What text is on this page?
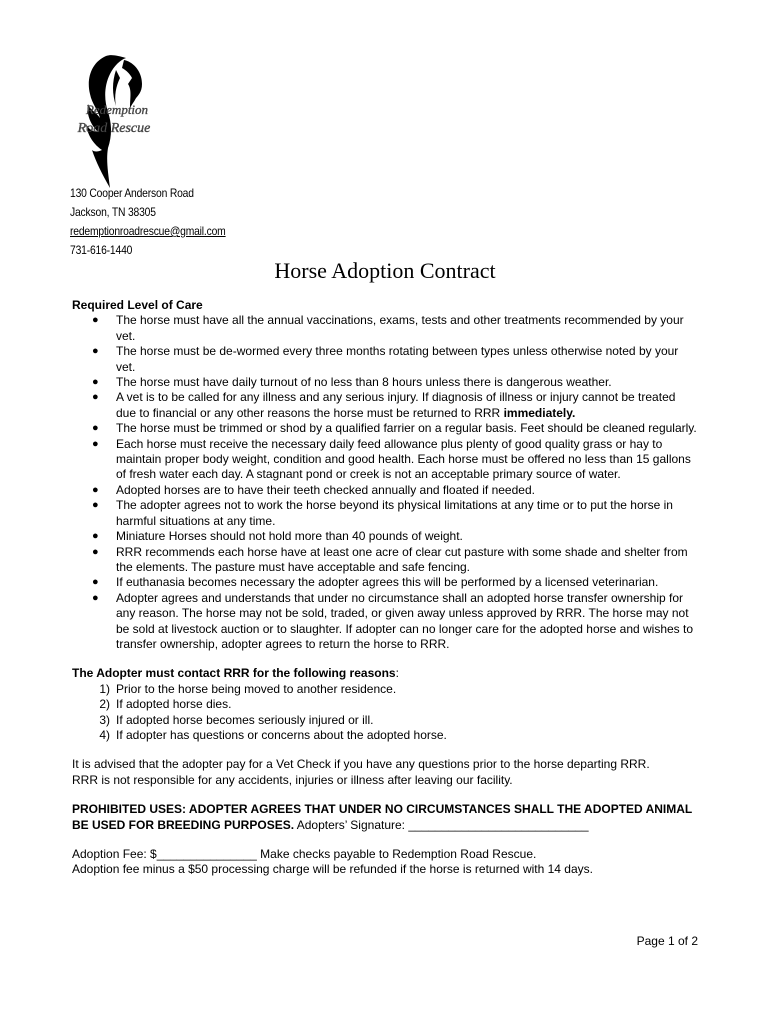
Redemption
Road Rescue
130 Cooper Anderson Road
Jackson, TN 38305
redemptionroadrescue@gmail.com
731-616-1440
Horse Adoption Contract
Required Level of Care
● The horse must have all the annual vaccinations, exams, tests and other treatments recommended by your vet.
● The horse must be de-wormed every three months rotating between types unless otherwise noted by your vet.
● The horse must have daily turnout of no less than 8 hours unless there is dangerous weather.
● A vet is to be called for any illness and any serious injury. If diagnosis of illness or injury cannot be treated due to financial or any other reasons the horse must be returned to RRR immediately.
● The horse must be trimmed or shod by a qualified farrier on a regular basis. Feet should be cleaned regularly.
● Each horse must receive the necessary daily feed allowance plus plenty of good quality grass or hay to maintain proper body weight, condition and good health. Each horse must be offered no less than 15 gallons of fresh water each day. A stagnant pond or creek is not an acceptable primary source of water.
● Adopted horses are to have their teeth checked annually and floated if needed.
● The adopter agrees not to work the horse beyond its physical limitations at any time or to put the horse in harmful situations at any time.
● Miniature Horses should not hold more than 40 pounds of weight.
● RRR recommends each horse have at least one acre of clear cut pasture with some shade and shelter from the elements. The pasture must have acceptable and safe fencing.
● If euthanasia becomes necessary the adopter agrees this will be performed by a licensed veterinarian.
● Adopter agrees and understands that under no circumstance shall an adopted horse transfer ownership for any reason. The horse may not be sold, traded, or given away unless approved by RRR. The horse may not be sold at livestock auction or to slaughter. If adopter can no longer care for the adopted horse and wishes to transfer ownership, adopter agrees to return the horse to RRR.
The Adopter must contact RRR for the following reasons:
1) Prior to the horse being moved to another residence.
2) If adopted horse dies.
3) If adopted horse becomes seriously injured or ill.
4) If adopter has questions or concerns about the adopted horse.
It is advised that the adopter pay for a Vet Check if you have any questions prior to the horse departing RRR.
RRR is not responsible for any accidents, injuries or illness after leaving our facility.
PROHIBITED USES: ADOPTER AGREES THAT UNDER NO CIRCUMSTANCES SHALL THE ADOPTED ANIMAL BE USED FOR BREEDING PURPOSES. Adopters’ Signature: ___________________________
Adoption Fee: $_______________ Make checks payable to Redemption Road Rescue.
Adoption fee minus a $50 processing charge will be refunded if the horse is returned with 14 days.
Page 1 of 2
